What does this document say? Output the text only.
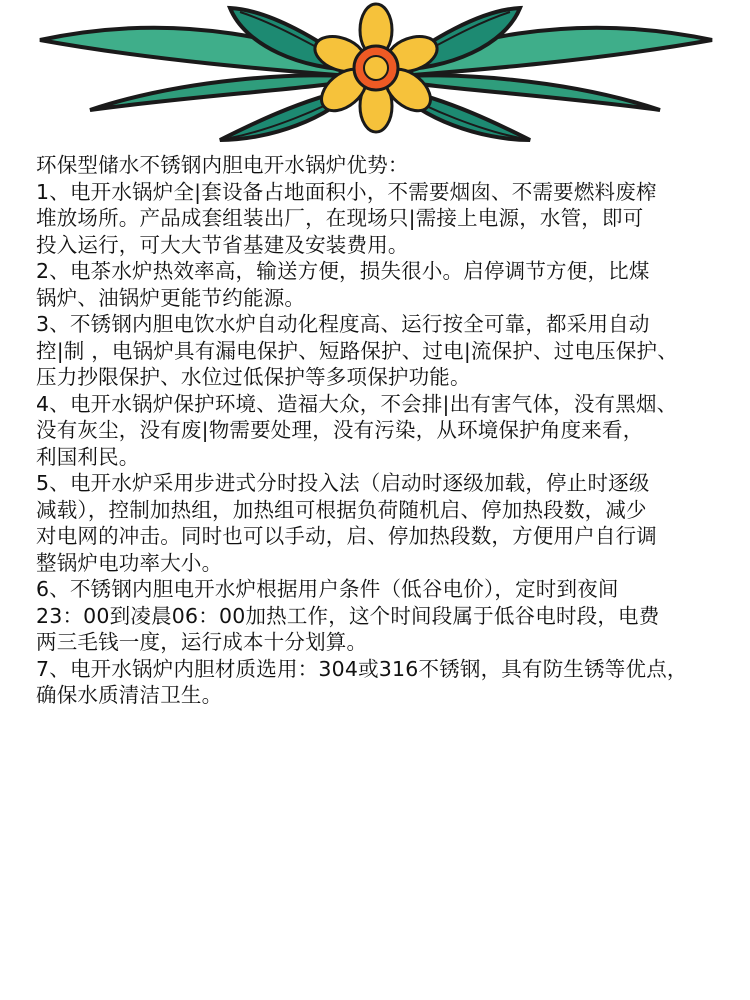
环保型储水不锈钢内胆电开水锅炉优势：
1、电开水锅炉全|套设备占地面积小，不需要烟囱、不需要燃料废榨
堆放场所。产品成套组装出厂，在现场只|需接上电源，水管，即可
投入运行，可大大节省基建及安装费用。
2、电茶水炉热效率高，输送方便，损失很小。启停调节方便，比煤
锅炉、油锅炉更能节约能源。
3、不锈钢内胆电饮水炉自动化程度高、运行按全可靠，都采用自动
控|制 ，电锅炉具有漏电保护、短路保护、过电|流保护、过电压保护、
压力抄限保护、水位过低保护等多项保护功能。
4、电开水锅炉保护环境、造福大众，不会排|出有害气体，没有黑烟、
没有灰尘，没有废|物需要处理，没有污染，从环境保护角度来看，
利国利民。
5、电开水炉采用步进式分时投入法（启动时逐级加载，停止时逐级
减载），控制加热组，加热组可根据负荷随机启、停加热段数，减少
对电网的冲击。同时也可以手动，启、停加热段数，方便用户自行调
整锅炉电功率大小。
6、不锈钢内胆电开水炉根据用户条件（低谷电价），定时到夜间
23：00到凌晨06：00加热工作，这个时间段属于低谷电时段，电费
两三毛钱一度，运行成本十分划算。
7、电开水锅炉内胆材质选用：304或316不锈钢，具有防生锈等优点，
确保水质清洁卫生。
